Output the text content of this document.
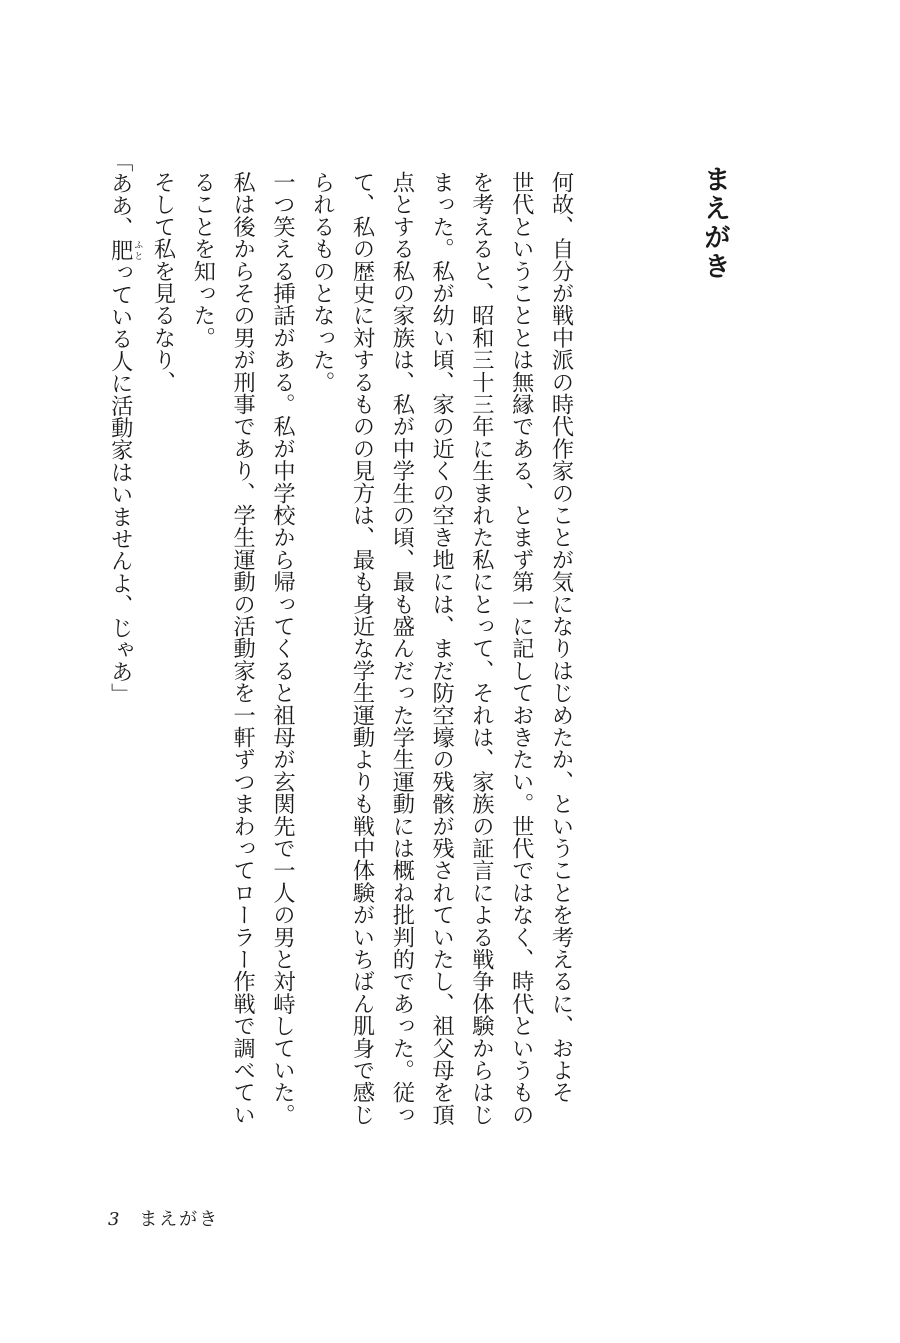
まえがき

何故、自分が戦中派の時代作家のことが気になりはじめたか、ということを考えるに、およそ
世代ということとは無縁である、とまず第一に記しておきたい。世代ではなく、時代というもの
を考えると、昭和三十三年に生まれた私にとって、それは、家族の証言による戦争体験からはじ
まった。私が幼い頃、家の近くの空き地には、まだ防空壕の残骸が残されていたし、祖父母を頂
点とする私の家族は、私が中学生の頃、最も盛んだった学生運動には概ね批判的であった。従っ
て、私の歴史に対するものの見方は、最も身近な学生運動よりも戦中体験がいちばん肌身で感じ
られるものとなった。

一つ笑える挿話がある。私が中学校から帰ってくると祖母が玄関先で一人の男と対峙していた。
私は後からその男が刑事であり、学生運動の活動家を一軒ずつまわってローラー作戦で調べてい
ることを知った。

そして私を見るなり、

「ああ、肥 ふとっている人に活動家はいませんよ、じゃあ」

3 まえがき
